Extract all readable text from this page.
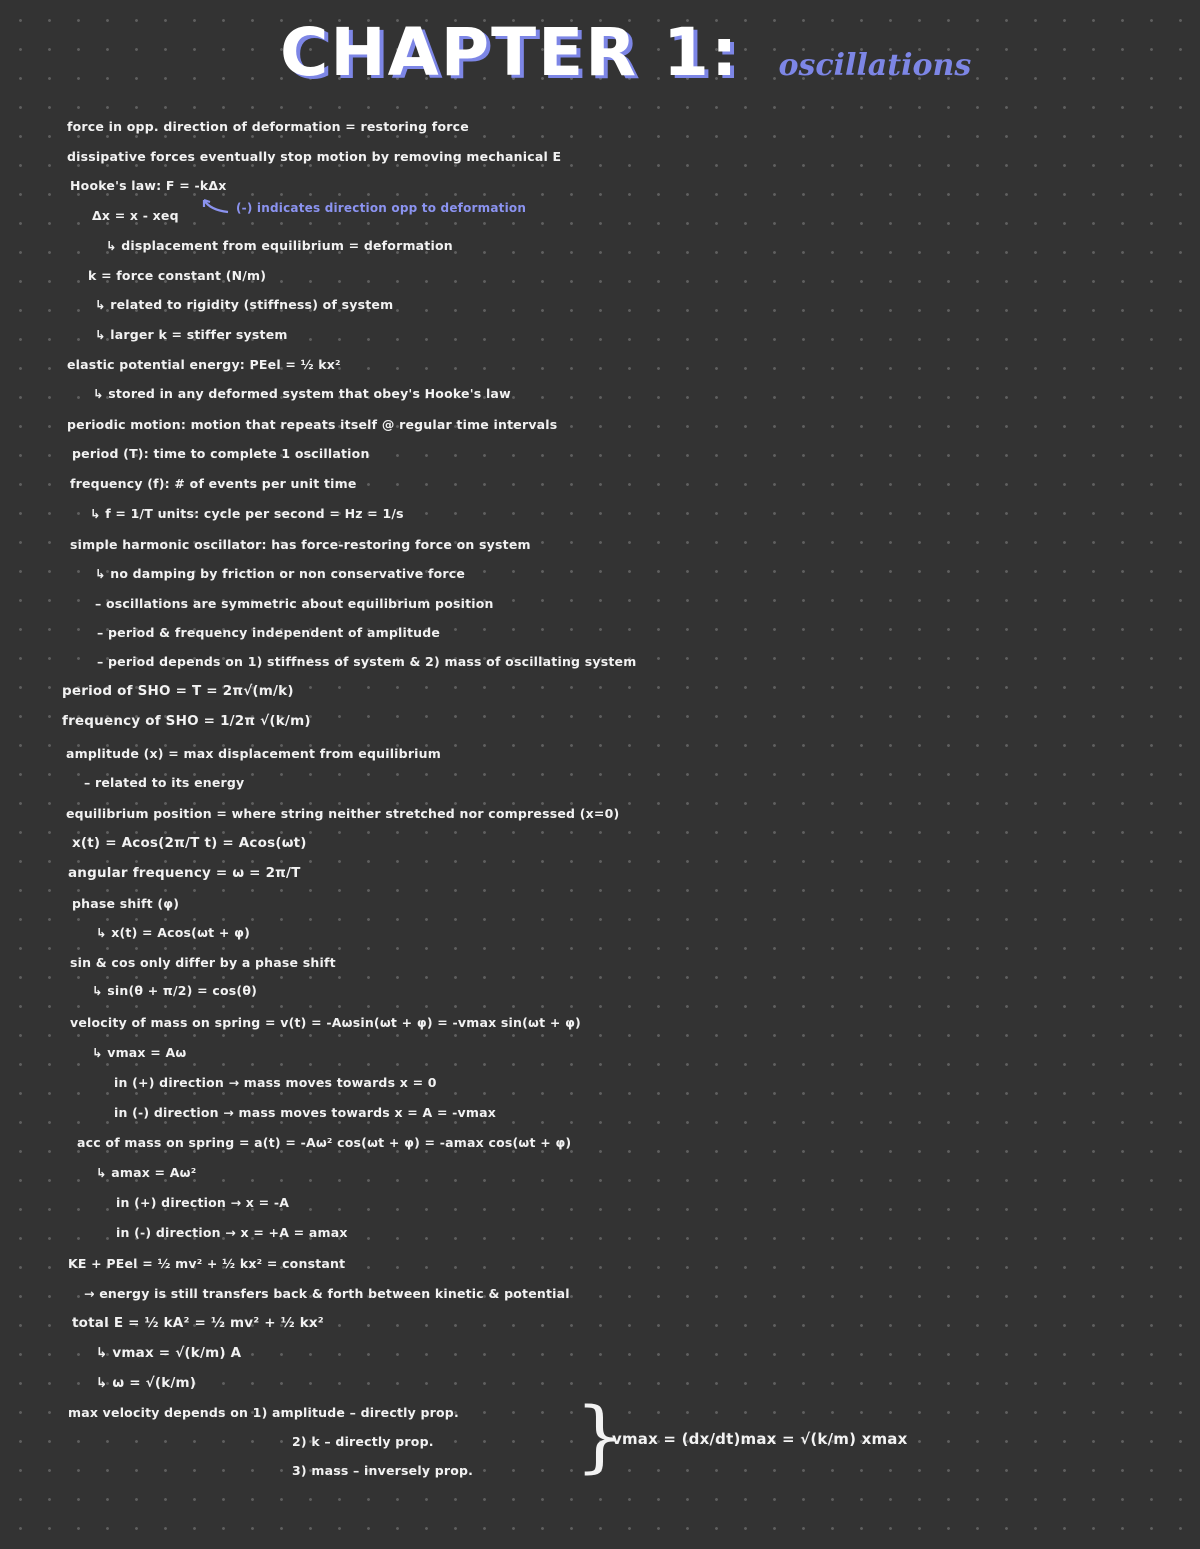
CHAPTER 1: oscillations
force in opp. direction of deformation = restoring force
dissipative forces eventually stop motion by removing mechanical E
Hooke's law: F = -kΔx
Δx = x - xeq	(-) indicates direction opp to deformation
↳ displacement from equilibrium = deformation
k = force constant (N/m)
↳ related to rigidity (stiffness) of system
↳ larger k = stiffer system
elastic potential energy: PEel = ½ kx²
↳ stored in any deformed system that obey's Hooke's law
periodic motion: motion that repeats itself @ regular time intervals
period (T): time to complete 1 oscillation
frequency (f): # of events per unit time
↳ f = 1/T units: cycle per second = Hz = 1/s
simple harmonic oscillator: has force-restoring force on system
↳ no damping by friction or non conservative force
– oscillations are symmetric about equilibrium position
– period & frequency independent of amplitude
– period depends on 1) stiffness of system & 2) mass of oscillating system
period of SHO = T = 2π√(m/k)
frequency of SHO = 1/2π √(k/m)
amplitude (x) = max displacement from equilibrium
– related to its energy
equilibrium position = where string neither stretched nor compressed (x=0)
x(t) = Acos(2π/T t) = Acos(ωt)
angular frequency = ω = 2π/T
phase shift (φ)
↳ x(t) = Acos(ωt + φ)
sin & cos only differ by a phase shift
↳ sin(θ + π/2) = cos(θ)
velocity of mass on spring = v(t) = -Aωsin(ωt + φ) = -vmax sin(ωt + φ)
↳ vmax = Aω
in (+) direction → mass moves towards x = 0
in (-) direction → mass moves towards x = A = -vmax
acc of mass on spring = a(t) = -Aω² cos(ωt + φ) = -amax cos(ωt + φ)
↳ amax = Aω²
in (+) direction → x = -A
in (-) direction → x = +A = amax
KE + PEel = ½ mv² + ½ kx² = constant
→ energy is still transfers back & forth between kinetic & potential
total E = ½ kA² = ½ mv² + ½ kx²
↳ vmax = √(k/m) A
↳ ω = √(k/m)
max velocity depends on 1) amplitude – directly prop.
2) k – directly prop.
3) mass – inversely prop. }
vmax = (dx/dt)max = √(k/m) xmax
